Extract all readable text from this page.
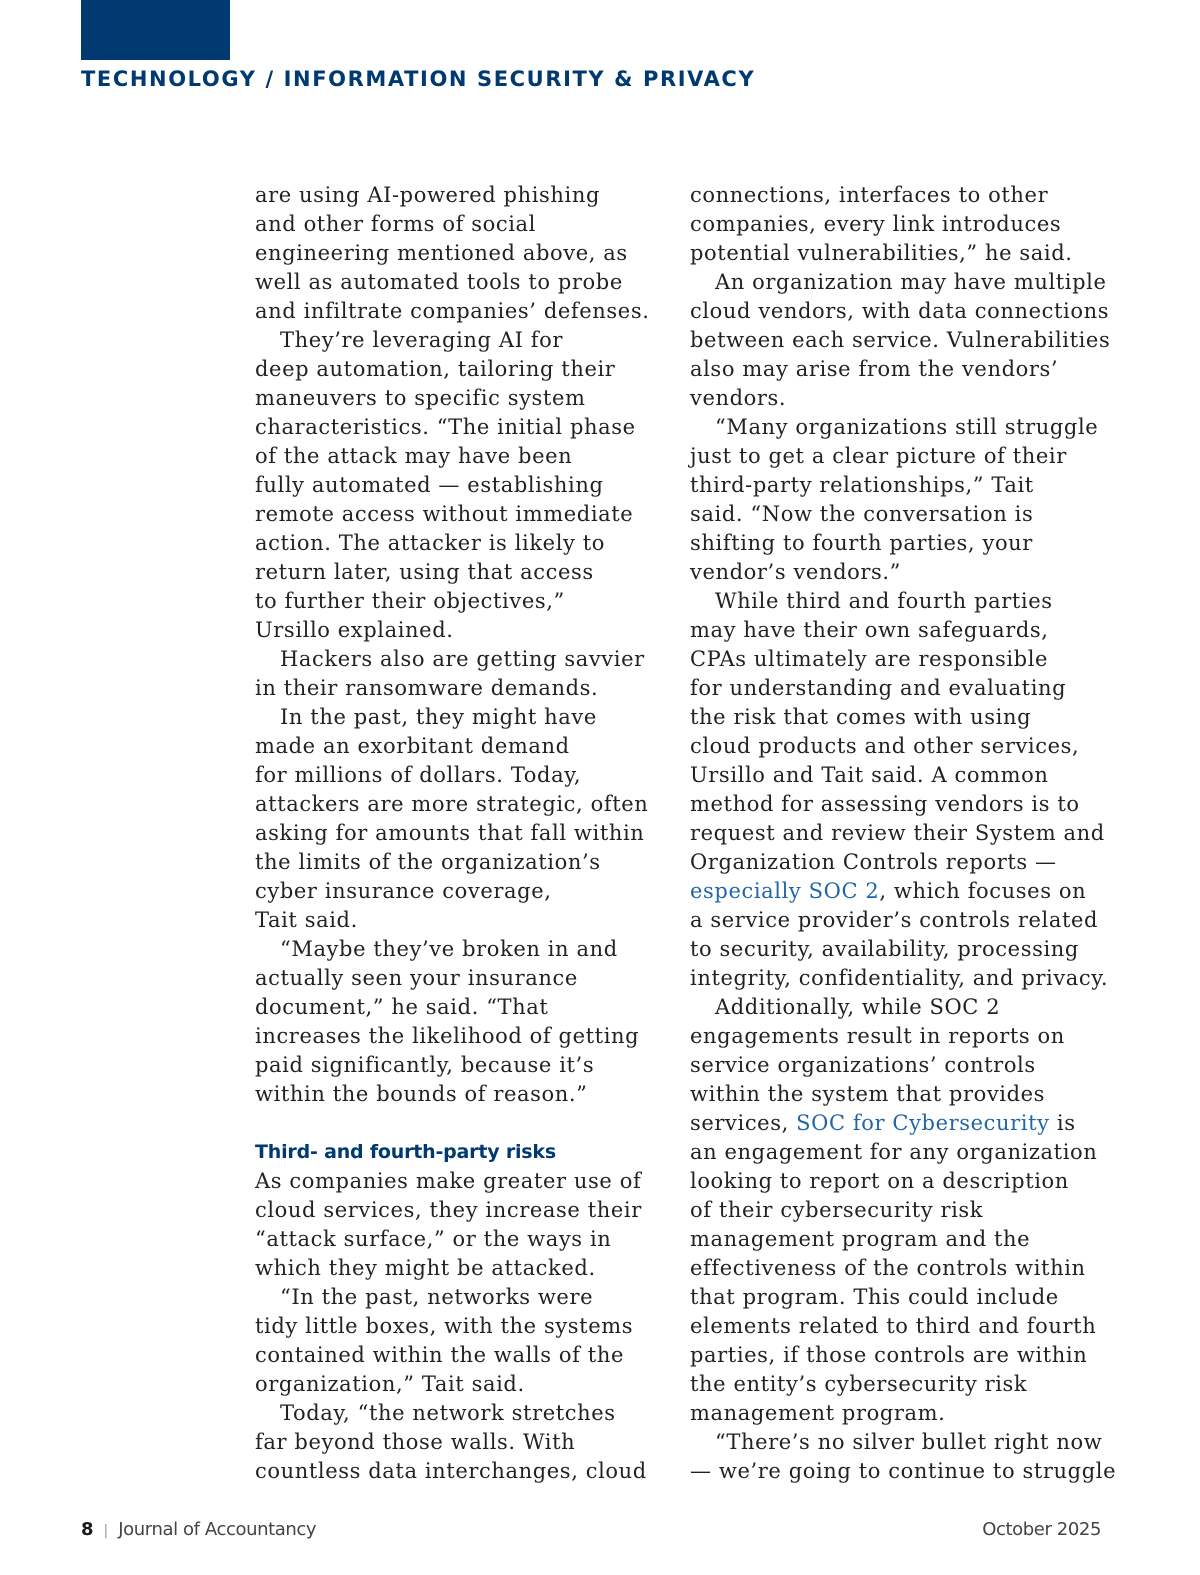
TECHNOLOGY / INFORMATION SECURITY & PRIVACY
are using AI-powered phishing
and other forms of social
engineering mentioned above, as
well as automated tools to probe
and infiltrate companies’ defenses.
They’re leveraging AI for
deep automation, tailoring their
maneuvers to specific system
characteristics. “The initial phase
of the attack may have been
fully automated — establishing
remote access without immediate
action. The attacker is likely to
return later, using that access
to further their objectives,”
Ursillo explained.
Hackers also are getting savvier
in their ransomware demands.
In the past, they might have
made an exorbitant demand
for millions of dollars. Today,
attackers are more strategic, often
asking for amounts that fall within
the limits of the organization’s
cyber insurance coverage,
Tait said.
“Maybe they’ve broken in and
actually seen your insurance
document,” he said. “That
increases the likelihood of getting
paid significantly, because it’s
within the bounds of reason.”
Third- and fourth-party risks
As companies make greater use of
cloud services, they increase their
“attack surface,” or the ways in
which they might be attacked.
“In the past, networks were
tidy little boxes, with the systems
contained within the walls of the
organization,” Tait said.
Today, “the network stretches
far beyond those walls. With
countless data interchanges, cloud
connections, interfaces to other
companies, every link introduces
potential vulnerabilities,” he said.
An organization may have multiple
cloud vendors, with data connections
between each service. Vulnerabilities
also may arise from the vendors’
vendors.
“Many organizations still struggle
just to get a clear picture of their
third-party relationships,” Tait
said. “Now the conversation is
shifting to fourth parties, your
vendor’s vendors.”
While third and fourth parties
may have their own safeguards,
CPAs ultimately are responsible
for understanding and evaluating
the risk that comes with using
cloud products and other services,
Ursillo and Tait said. A common
method for assessing vendors is to
request and review their System and
Organization Controls reports —
especially SOC 2, which focuses on
a service provider’s controls related
to security, availability, processing
integrity, confidentiality, and privacy.
Additionally, while SOC 2
engagements result in reports on
service organizations’ controls
within the system that provides
services, SOC for Cybersecurity is
an engagement for any organization
looking to report on a description
of their cybersecurity risk
management program and the
effectiveness of the controls within
that program. This could include
elements related to third and fourth
parties, if those controls are within
the entity’s cybersecurity risk
management program.
“There’s no silver bullet right now
— we’re going to continue to struggle
8 | Journal of Accountancy	October 2025
